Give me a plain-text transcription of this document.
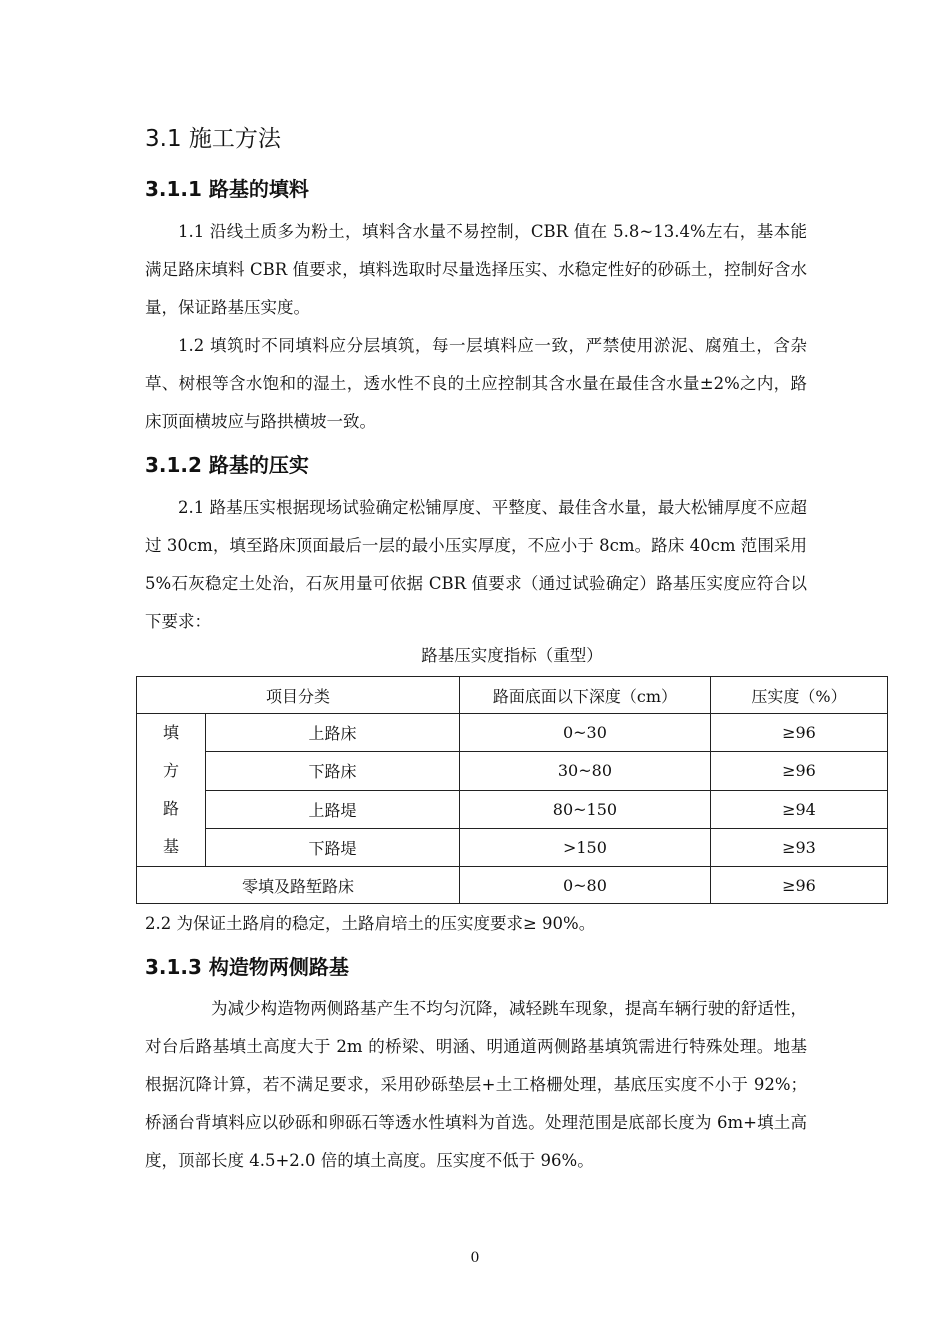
3.1 施工方法
3.1.1 路基的填料

1.1 沿线土质多为粉土，填料含水量不易控制，CBR 值在 5.8~13.4%左右，基本能满足路床填料 CBR 值要求，填料选取时尽量选择压实、水稳定性好的砂砾土，控制好含水量，保证路基压实度。

1.2 填筑时不同填料应分层填筑，每一层填料应一致，严禁使用淤泥、腐殖土，含杂草、树根等含水饱和的湿土，透水性不良的土应控制其含水量在最佳含水量±2%之内，路床顶面横坡应与路拱横坡一致。

3.1.2 路基的压实

2.1 路基压实根据现场试验确定松铺厚度、平整度、最佳含水量，最大松铺厚度不应超过 30cm，填至路床顶面最后一层的最小压实厚度，不应小于 8cm。路床 40cm 范围采用 5%石灰稳定土处治，石灰用量可依据 CBR 值要求（通过试验确定）路基压实度应符合以下要求：

路基压实度指标（重型）
项目分类		路面底面以下深度（cm）	压实度（%）

填
方
路
基	上路床	0~30	≥96
	下路床	30~80	≥96
	上路堤	80~150	≥94
	下路堤	>150	≥93
零填及路堑路床		0~80	≥96
2.2 为保证土路肩的稳定，土路肩培土的压实度要求≥ 90%。
3.1.3 构造物两侧路基

为减少构造物两侧路基产生不均匀沉降，减轻跳车现象，提高车辆行驶的舒适性，对台后路基填土高度大于 2m 的桥梁、明涵、明通道两侧路基填筑需进行特殊处理。地基根据沉降计算，若不满足要求，采用砂砾垫层+土工格栅处理，基底压实度不小于 92%；桥涵台背填料应以砂砾和卵砾石等透水性填料为首选。处理范围是底部长度为 6m+填土高度，顶部长度 4.5+2.0 倍的填土高度。压实度不低于 96%。

0
